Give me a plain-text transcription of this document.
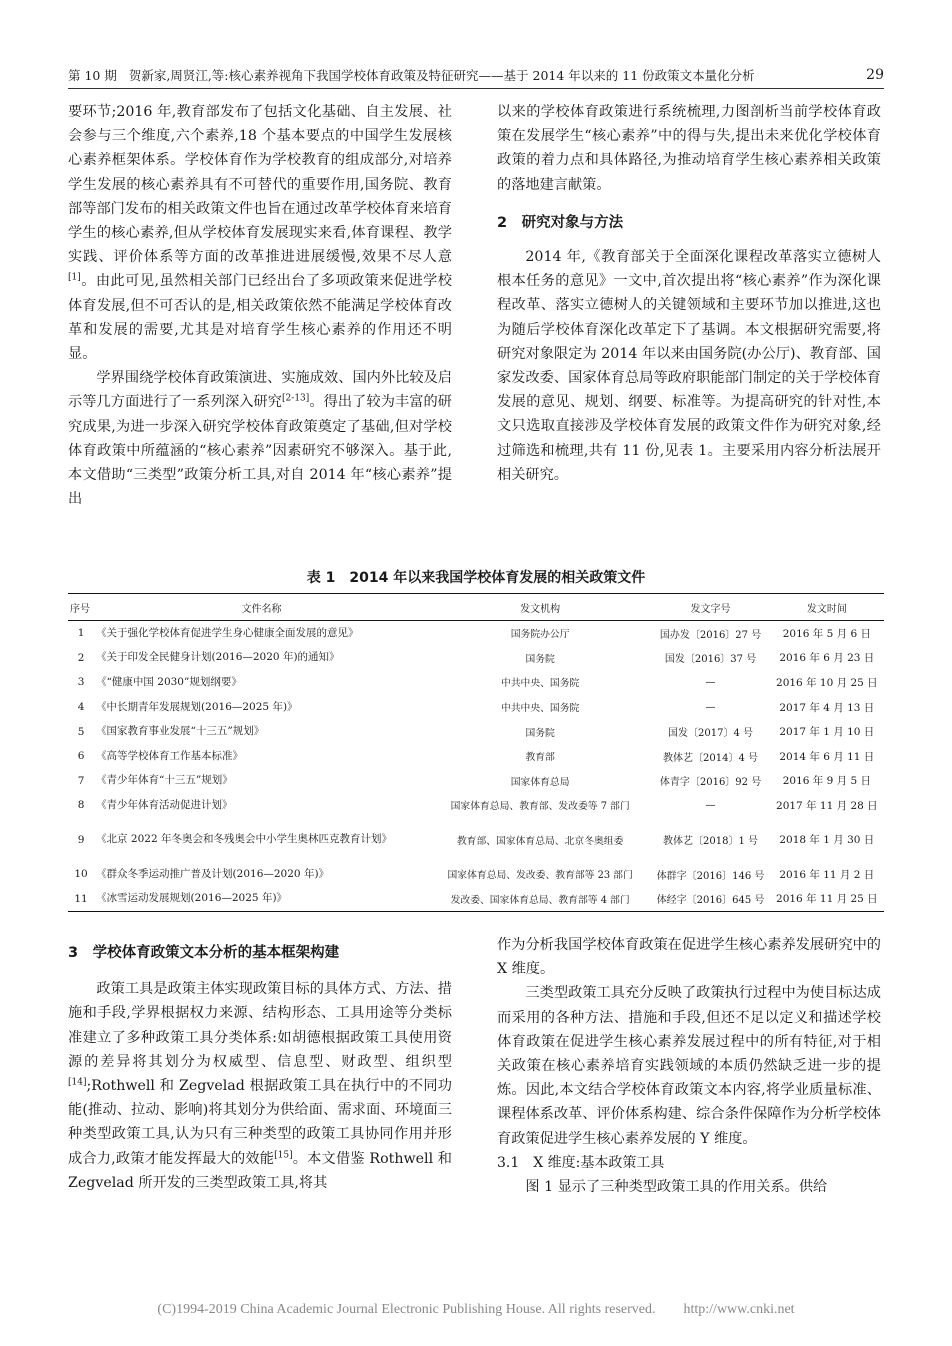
第 10 期 贺新家,周贤江,等:核心素养视角下我国学校体育政策及特征研究——基于 2014 年以来的 11 份政策文本量化分析	29

要环节;2016 年,教育部发布了包括文化基础、自主发展、社会参与三个维度,六个素养,18 个基本要点的中国学生发展核心素养框架体系。学校体育作为学校教育的组成部分,对培养学生发展的核心素养具有不可替代的重要作用,国务院、教育部等部门发布的相关政策文件也旨在通过改革学校体育来培育学生的核心素养,但从学校体育发展现实来看,体育课程、教学实践、评价体系等方面的改革推进进展缓慢,效果不尽人意[1]。由此可见,虽然相关部门已经出台了多项政策来促进学校体育发展,但不可否认的是,相关政策依然不能满足学校体育改革和发展的需要,尤其是对培育学生核心素养的作用还不明显。

学界围绕学校体育政策演进、实施成效、国内外比较及启示等几方面进行了一系列深入研究[2-13]。得出了较为丰富的研究成果,为进一步深入研究学校体育政策奠定了基础,但对学校体育政策中所蕴涵的“核心素养”因素研究不够深入。基于此,本文借助“三类型”政策分析工具,对自 2014 年“核心素养”提出

以来的学校体育政策进行系统梳理,力图剖析当前学校体育政策在发展学生“核心素养”中的得与失,提出未来优化学校体育政策的着力点和具体路径,为推动培育学生核心素养相关政策的落地建言献策。

2　研究对象与方法

2014 年,《教育部关于全面深化课程改革落实立德树人根本任务的意见》一文中,首次提出将“核心素养”作为深化课程改革、落实立德树人的关键领域和主要环节加以推进,这也为随后学校体育深化改革定下了基调。本文根据研究需要,将研究对象限定为 2014 年以来由国务院(办公厅)、教育部、国家发改委、国家体育总局等政府职能部门制定的关于学校体育发展的意见、规划、纲要、标准等。为提高研究的针对性,本文只选取直接涉及学校体育发展的政策文件作为研究对象,经过筛选和梳理,共有 11 份,见表 1。主要采用内容分析法展开相关研究。

表 1　2014 年以来我国学校体育发展的相关政策文件
序号	文件名称	发文机构	发文字号	发文时间
1	《关于强化学校体育促进学生身心健康全面发展的意见》	国务院办公厅	国办发〔2016〕27 号	2016 年 5 月 6 日
2	《关于印发全民健身计划(2016—2020 年)的通知》	国务院	国发〔2016〕37 号	2016 年 6 月 23 日
3	《“健康中国 2030”规划纲要》	中共中央、国务院	—	2016 年 10 月 25 日
4	《中长期青年发展规划(2016—2025 年)》	中共中央、国务院	—	2017 年 4 月 13 日
5	《国家教育事业发展“十三五”规划》	国务院	国发〔2017〕4 号	2017 年 1 月 10 日
6	《高等学校体育工作基本标准》	教育部	教体艺〔2014〕4 号	2014 年 6 月 11 日
7	《青少年体育“十三五”规划》	国家体育总局	体青字〔2016〕92 号	2016 年 9 月 5 日
8	《青少年体育活动促进计划》	国家体育总局、教育部、发改委等 7 部门	—	2017 年 11 月 28 日
9	《北京 2022 年冬奥会和冬残奥会中小学生奥林匹克教育计划》	教育部、国家体育总局、北京冬奥组委	教体艺〔2018〕1 号	2018 年 1 月 30 日
10	《群众冬季运动推广普及计划(2016—2020 年)》	国家体育总局、发改委、教育部等 23 部门	体群字〔2016〕146 号	2016 年 11 月 2 日
11	《冰雪运动发展规划(2016—2025 年)》	发改委、国家体育总局、教育部等 4 部门	体经字〔2016〕645 号	2016 年 11 月 25 日
3　学校体育政策文本分析的基本框架构建

政策工具是政策主体实现政策目标的具体方式、方法、措施和手段,学界根据权力来源、结构形态、工具用途等分类标准建立了多种政策工具分类体系:如胡德根据政策工具使用资源的差异将其划分为权威型、信息型、财政型、组织型[14];Rothwell 和 Zegvelad 根据政策工具在执行中的不同功能(推动、拉动、影响)将其划分为供给面、需求面、环境面三种类型政策工具,认为只有三种类型的政策工具协同作用并形成合力,政策才能发挥最大的效能[15]。本文借鉴 Rothwell 和 Zegvelad 所开发的三类型政策工具,将其

作为分析我国学校体育政策在促进学生核心素养发展研究中的 X 维度。

三类型政策工具充分反映了政策执行过程中为使目标达成而采用的各种方法、措施和手段,但还不足以定义和描述学校体育政策在促进学生核心素养发展过程中的所有特征,对于相关政策在核心素养培育实践领域的本质仍然缺乏进一步的提炼。因此,本文结合学校体育政策文本内容,将学业质量标准、课程体系改革、评价体系构建、综合条件保障作为分析学校体育政策促进学生核心素养发展的 Y 维度。

3.1　X 维度:基本政策工具

图 1 显示了三种类型政策工具的作用关系。供给

(C)1994-2019 China Academic Journal Electronic Publishing House. All rights reserved.　　http://www.cnki.net
